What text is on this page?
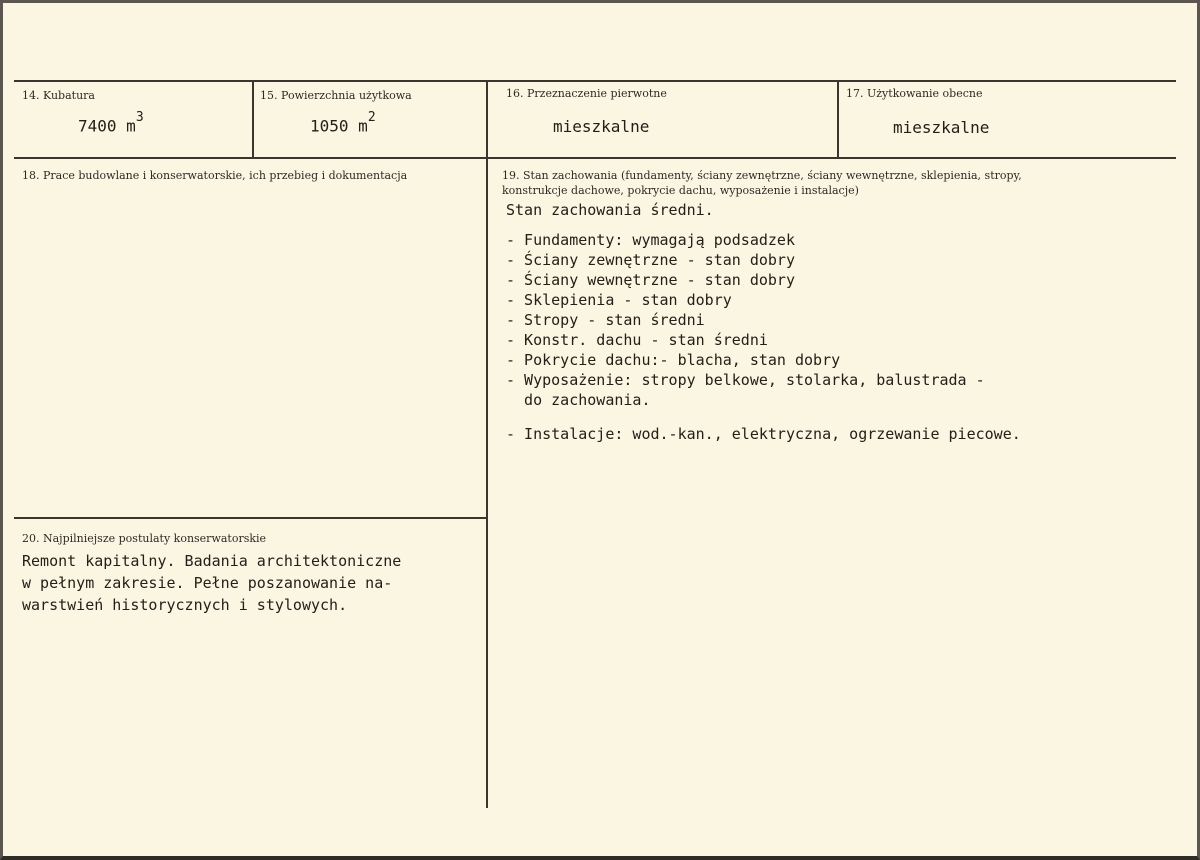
14. Kubatura
7400 $m^3$
15. Powierzchnia użytkowa
1050 $m^2$
16. Przeznaczenie pierwotne
mieszkalne
17. Użytkowanie obecne
mieszkalne
18. Prace budowlane i konserwatorskie, ich przebieg i dokumentacja	19. Stan zachowania (fundamenty, ściany zewnętrzne, ściany wewnętrzne, sklepienia, stropy,
konstrukcje dachowe, pokrycie dachu, wyposażenie i instalacje)
Stan zachowania średni.
- Fundamenty: wymagają podsadzek
- Ściany zewnętrzne - stan dobry
- Ściany wewnętrzne - stan dobry
- Sklepienia - stan dobry
- Stropy - stan średni
- Konstr. dachu - stan średni
- Pokrycie dachu:- blacha, stan dobry
- Wyposażenie: stropy belkowe, stolarka, balustrada -
do zachowania.
- Instalacje: wod.-kan., elektryczna, ogrzewanie piecowe.
20. Najpilniejsze postulaty konserwatorskie
Remont kapitalny. Badania architektoniczne
w pełnym zakresie. Pełne poszanowanie na-
warstwień historycznych i stylowych.
